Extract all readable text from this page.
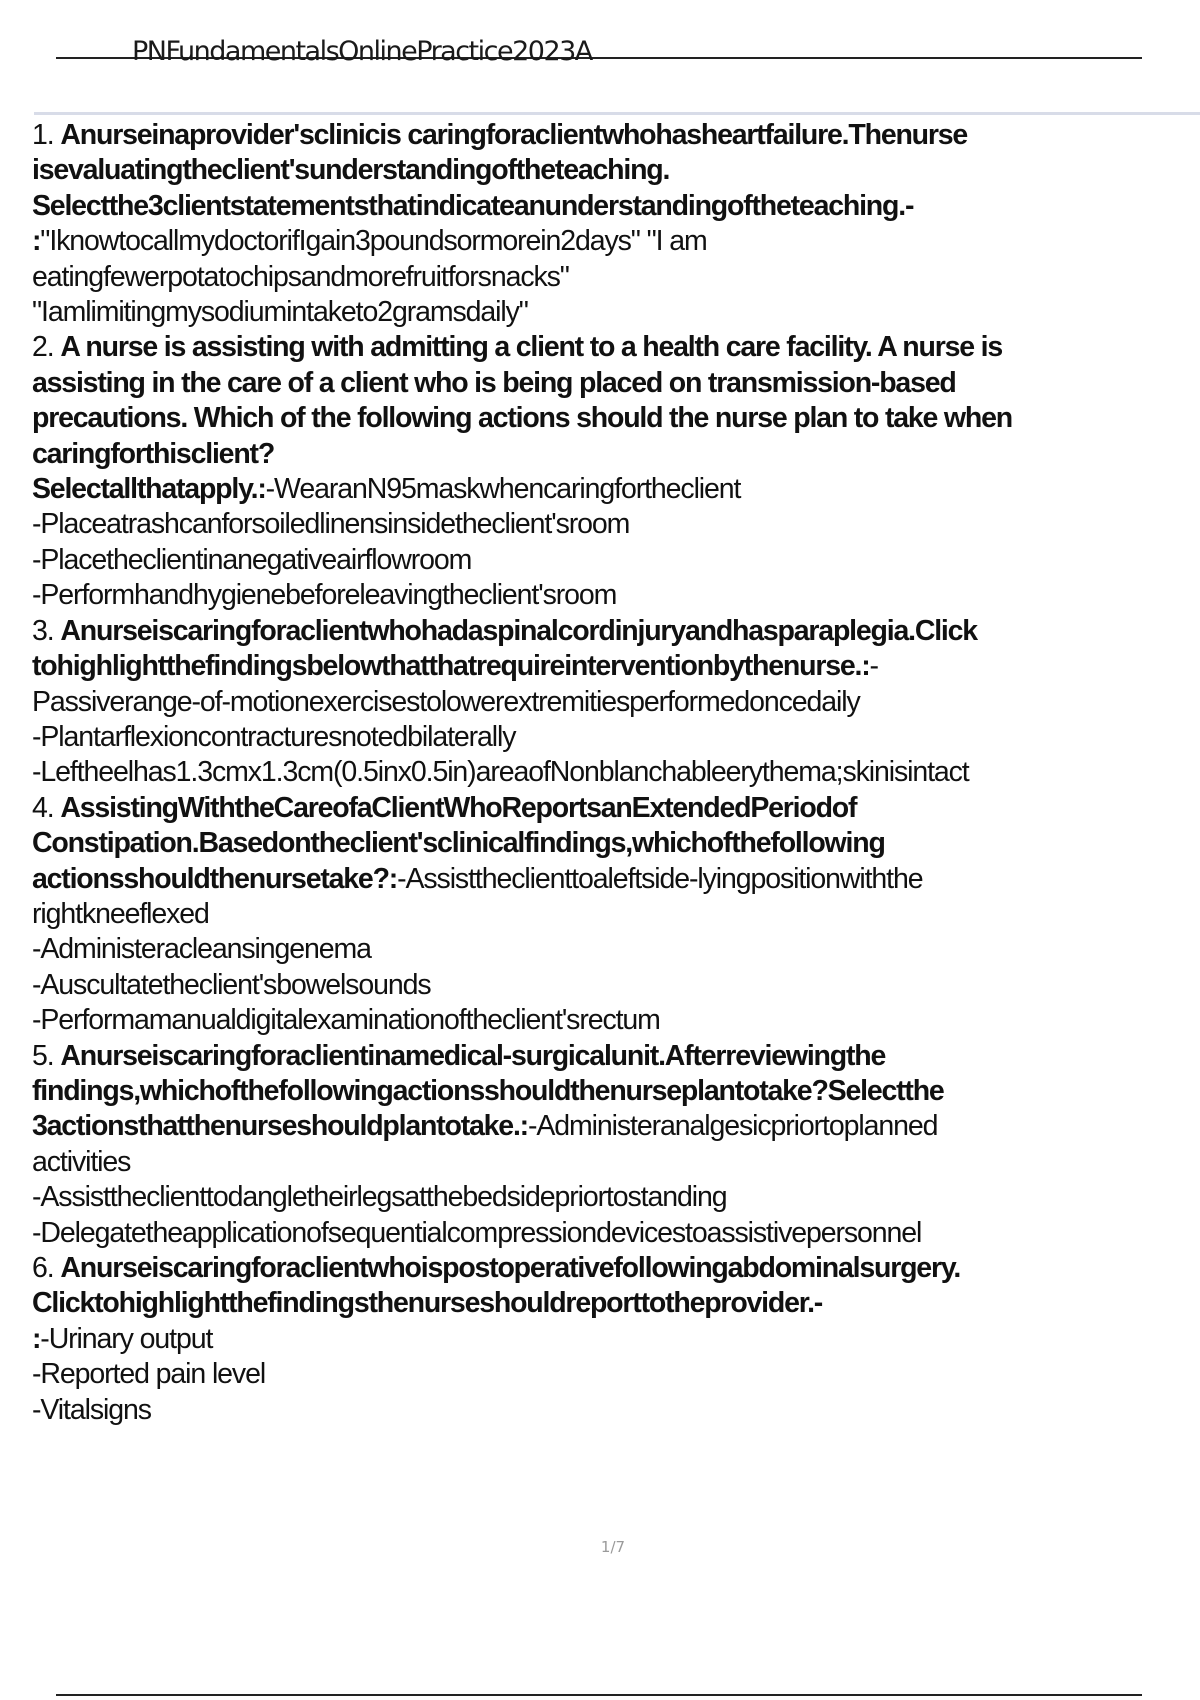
PNFundamentalsOnlinePractice2023A
1. Anurseinaprovider'sclinicis caringforaclientwhohasheartfailure.Thenurse
isevaluatingtheclient'sunderstandingoftheteaching.
Selectthe3clientstatementsthatindicateanunderstandingoftheteaching.-
:"IknowtocallmydoctorifIgain3poundsormorein2days" "I am
eatingfewerpotatochipsandmorefruitforsnacks"
"Iamlimitingmysodiumintaketo2gramsdaily"
2. A nurse is assisting with admitting a client to a health care facility. A nurse is
assisting in the care of a client who is being placed on transmission-based
precautions. Which of the following actions should the nurse plan to take when
caringforthisclient?
Selectallthatapply.:-WearanN95maskwhencaringfortheclient
-Placeatrashcanforsoiledlinensinsidetheclient'sroom
-Placetheclientinanegativeairflowroom
-Performhandhygienebeforeleavingtheclient'sroom
3. Anurseiscaringforaclientwhohadaspinalcordinjuryandhasparaplegia.Click
tohighlightthefindingsbelowthatthatrequireinterventionbythenurse.:-
Passiverange-of-motionexercisestolowerextremitiesperformedoncedaily
-Plantarflexioncontracturesnotedbilaterally
-Leftheelhas1.3cmx1.3cm(0.5inx0.5in)areaofNonblanchableerythema;skinisintact
4. AssistingWiththeCareofaClientWhoReportsanExtendedPeriodof
Constipation.Basedontheclient'sclinicalfindings,whichofthefollowing
actionsshouldthenursetake?:-Assisttheclienttoaleftside-lyingpositionwiththe
rightkneeflexed
-Administeracleansingenema
-Auscultatetheclient'sbowelsounds
-Performamanualdigitalexaminationoftheclient'srectum
5. Anurseiscaringforaclientinamedical-surgicalunit.Afterreviewingthe
findings,whichofthefollowingactionsshouldthenurseplantotake?Selectthe
3actionsthatthenurseshouldplantotake.:-Administeranalgesicpriortoplanned
activities
-Assisttheclienttodangletheirlegsatthebedsidepriortostanding
-Delegatetheapplicationofsequentialcompressiondevicestoassistivepersonnel
6. Anurseiscaringforaclientwhoispostoperativefollowingabdominalsurgery.
Clicktohighlightthefindingsthenurseshouldreporttotheprovider.-
:-Urinary output
-Reported pain level
-Vitalsigns
1/7
